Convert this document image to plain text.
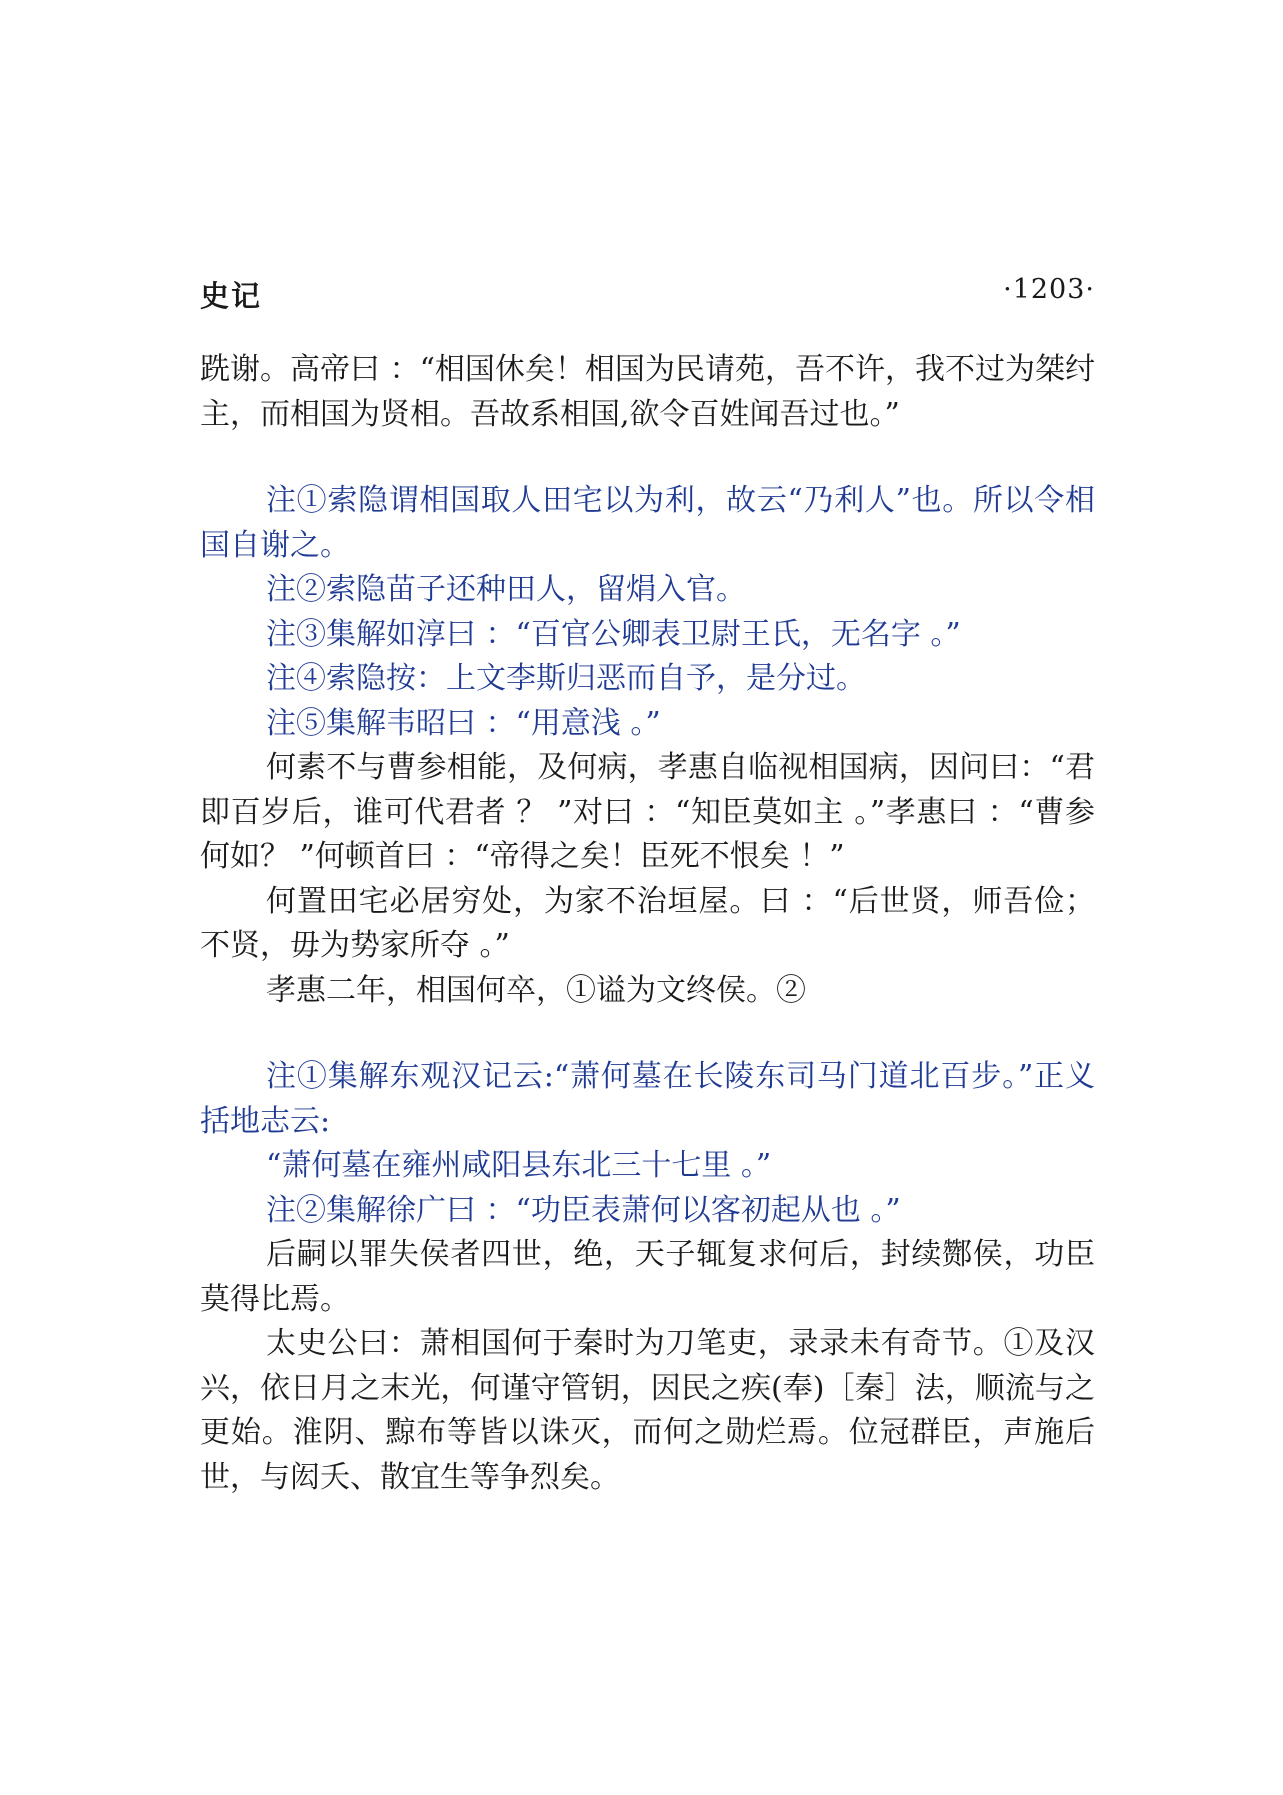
史记	·1203·

跣谢。高帝曰 ：“相国休矣！相国为民请苑，吾不许，我不过为桀纣主，而相国为贤相。吾故系相国,欲令百姓闻吾过也。”

注①索隐谓相国取人田宅以为利，故云“乃利人”也。所以令相国自谢之。

注②索隐苗子还种田人，留焆入官。

注③集解如淳曰 ：“百官公卿表卫尉王氏，无名字 。”

注④索隐按：上文李斯归恶而自予，是分过。

注⑤集解韦昭曰 ：“用意浅 。”

何素不与曹参相能，及何病，孝惠自临视相国病，因问曰：“君即百岁后，谁可代君者 ？ ”对曰 ：“知臣莫如主 。”孝惠曰 ：“曹参何如？ ”何顿首曰 ：“帝得之矣！臣死不恨矣 ！”

何置田宅必居穷处，为家不治垣屋。曰 ：“后世贤，师吾俭；不贤，毋为势家所夺 。”

孝惠二年，相国何卒，①谥为文终侯。②

注①集解东观汉记云:“萧何墓在长陵东司马门道北百步。”正义括地志云:

“萧何墓在雍州咸阳县东北三十七里 。”

注②集解徐广曰 ：“功臣表萧何以客初起从也 。”

后嗣以罪失侯者四世，绝，天子辄复求何后，封续酂侯，功臣莫得比焉。

太史公曰：萧相国何于秦时为刀笔吏，录录未有奇节。①及汉兴，依日月之末光，何谨守管钥，因民之疾(奉)［秦］法，顺流与之更始。淮阴、黥布等皆以诛灭，而何之勋烂焉。位冠群臣，声施后世，与闳夭、散宜生等争烈矣。
